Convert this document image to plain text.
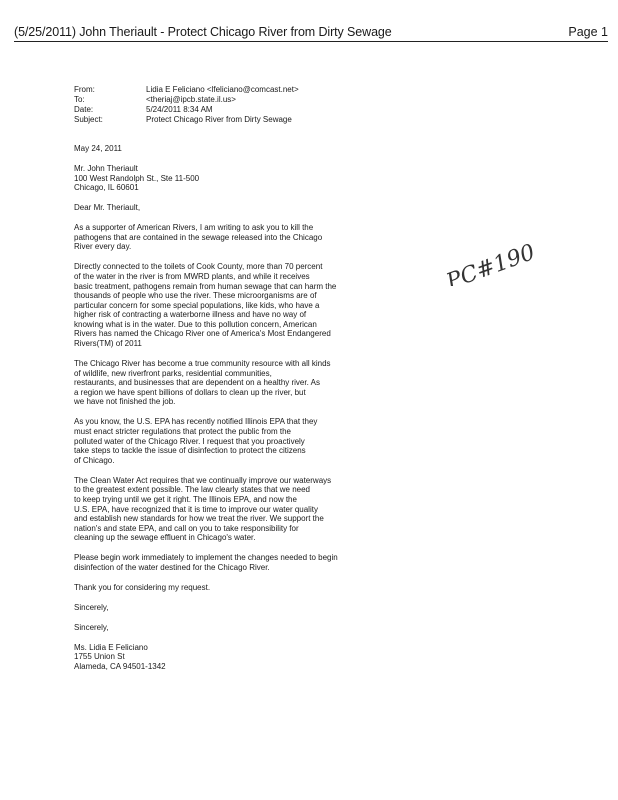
(5/25/2011) John Theriault - Protect Chicago River from Dirty Sewage	Page 1
From:	Lidia E Feliciano <lfeliciano@comcast.net>
To:	<theriaj@ipcb.state.il.us>
Date:	5/24/2011 8:34 AM
Subject:	Protect Chicago River from Dirty Sewage
May 24, 2011
Mr. John Theriault
100 West Randolph St., Ste 11-500
Chicago, IL 60601
Dear Mr. Theriault,
As a supporter of American Rivers, I am writing to ask you to kill the
pathogens that are contained in the sewage released into the Chicago
River every day.
Directly connected to the toilets of Cook County, more than 70 percent
of the water in the river is from MWRD plants, and while it receives
basic treatment, pathogens remain from human sewage that can harm the
thousands of people who use the river. These microorganisms are of
particular concern for some special populations, like kids, who have a
higher risk of contracting a waterborne illness and have no way of
knowing what is in the water. Due to this pollution concern, American
Rivers has named the Chicago River one of America's Most Endangered
Rivers(TM) of 2011
The Chicago River has become a true community resource with all kinds
of wildlife, new riverfront parks, residential communities,
restaurants, and businesses that are dependent on a healthy river. As
a region we have spent billions of dollars to clean up the river, but
we have not finished the job.
As you know, the U.S. EPA has recently notified Illinois EPA that they
must enact stricter regulations that protect the public from the
polluted water of the Chicago River. I request that you proactively
take steps to tackle the issue of disinfection to protect the citizens
of Chicago.
The Clean Water Act requires that we continually improve our waterways
to the greatest extent possible. The law clearly states that we need
to keep trying until we get it right. The Illinois EPA, and now the
U.S. EPA, have recognized that it is time to improve our water quality
and establish new standards for how we treat the river. We support the
nation's and state EPA, and call on you to take responsibility for
cleaning up the sewage effluent in Chicago's water.
Please begin work immediately to implement the changes needed to begin
disinfection of the water destined for the Chicago River.
Thank you for considering my request.
Sincerely,
Sincerely,
Ms. Lidia E Feliciano
1755 Union St
Alameda, CA 94501-1342
PC#190
